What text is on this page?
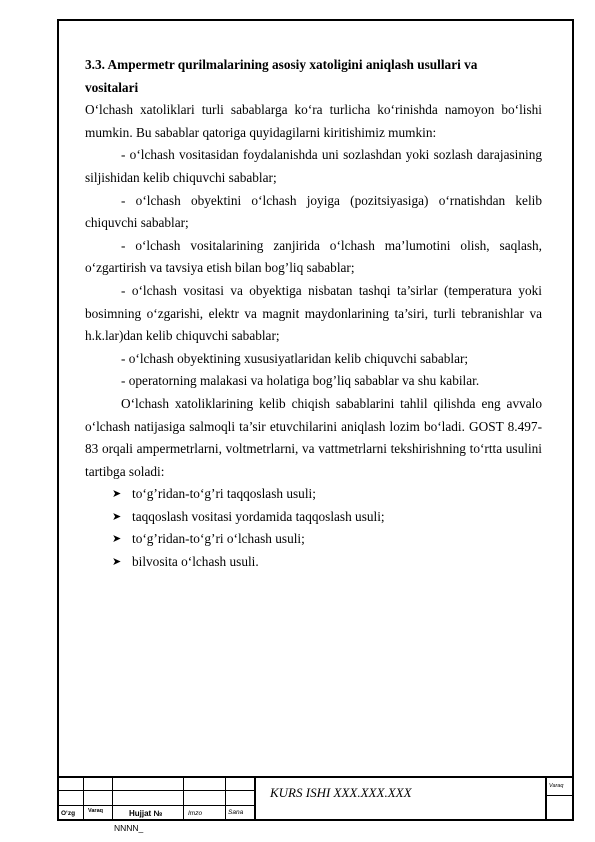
3.3. Ampermetr qurilmalarining asosiy xatoligini aniqlash usullari va
vositalari

O‘lchash xatoliklari turli sabablarga ko‘ra turlicha ko‘rinishda namoyon bo‘lishi mumkin. Bu sabablar qatoriga quyidagilarni kiritishimiz mumkin:

- o‘lchash vositasidan foydalanishda uni sozlashdan yoki sozlash darajasining siljishidan kelib chiquvchi sabablar;

- o‘lchash obyektini o‘lchash joyiga (pozitsiyasiga) o‘rnatishdan kelib chiquvchi sabablar;

- o‘lchash vositalarining zanjirida o‘lchash ma’lumotini olish, saqlash, o‘zgartirish va tavsiya etish bilan bog’liq sabablar;

- o‘lchash vositasi va obyektiga nisbatan tashqi ta’sirlar (temperatura yoki bosimning o‘zgarishi, elektr va magnit maydonlarining ta’siri, turli tebranishlar va h.k.lar)dan kelib chiquvchi sabablar;

- o‘lchash obyektining xususiyatlaridan kelib chiquvchi sabablar;

- operatorning malakasi va holatiga bog’liq sabablar va shu kabilar.

O‘lchash xatoliklarining kelib chiqish sabablarini tahlil qilishda eng avvalo o‘lchash natijasiga salmoqli ta’sir etuvchilarini aniqlash lozim bo‘ladi. GOST 8.497-83 orqali ampermetrlarni, voltmetrlarni, va vattmetrlarni tekshirishning to‘rtta usulini tartibga soladi:

➤ to‘g’ridan-to‘g’ri taqqoslash usuli;

➤ taqqoslash vositasi yordamida taqqoslash usuli;

➤ to‘g’ridan-to‘g’ri o‘lchash usuli;

➤ bilvosita o‘lchash usuli.

O‘zg Varaq	Hujjat №	Imzo	Sana
Varaq
KURS ISHI XXX.XXX.XXX
NNNN_
